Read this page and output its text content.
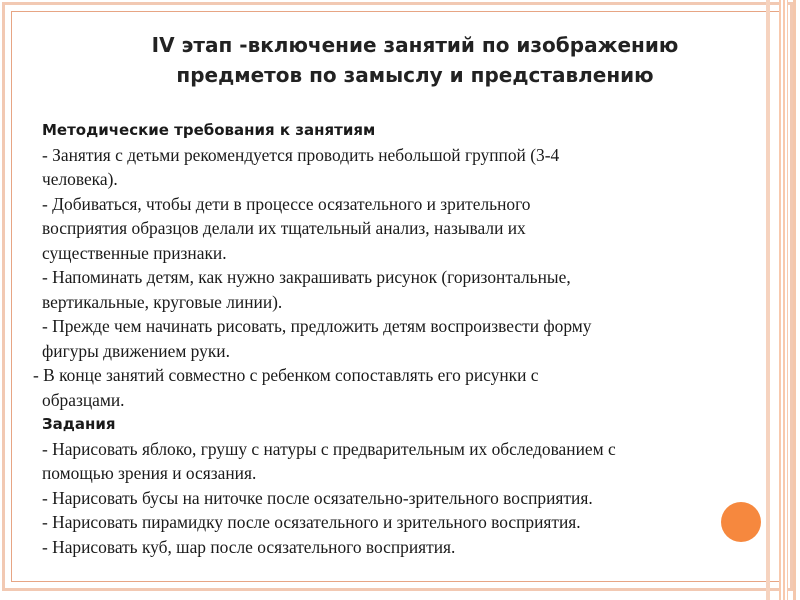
IV этап -включение занятий по изображению
предметов по замыслу и представлению
Методические требования к занятиям
- Занятия с детьми рекомендуется проводить небольшой группой (3-4
человека).
- Добиваться, чтобы дети в процессе осязательного и зрительного
восприятия образцов делали их тщательный анализ, называли их
существенные признаки.
- Напоминать детям, как нужно закрашивать рисунок (горизонтальные,
вертикальные, круговые линии).
- Прежде чем начинать рисовать, предложить детям воспроизвести форму
фигуры движением руки.
- В конце занятий совместно с ребенком сопоставлять его рисунки с
образцами.
Задания
- Нарисовать яблоко, грушу с натуры с предварительным их обследованием с
помощью зрения и осязания.
- Нарисовать бусы на ниточке после осязательно-зрительного восприятия.
- Нарисовать пирамидку после осязательного и зрительного восприятия.
- Нарисовать куб, шар после осязательного восприятия.
